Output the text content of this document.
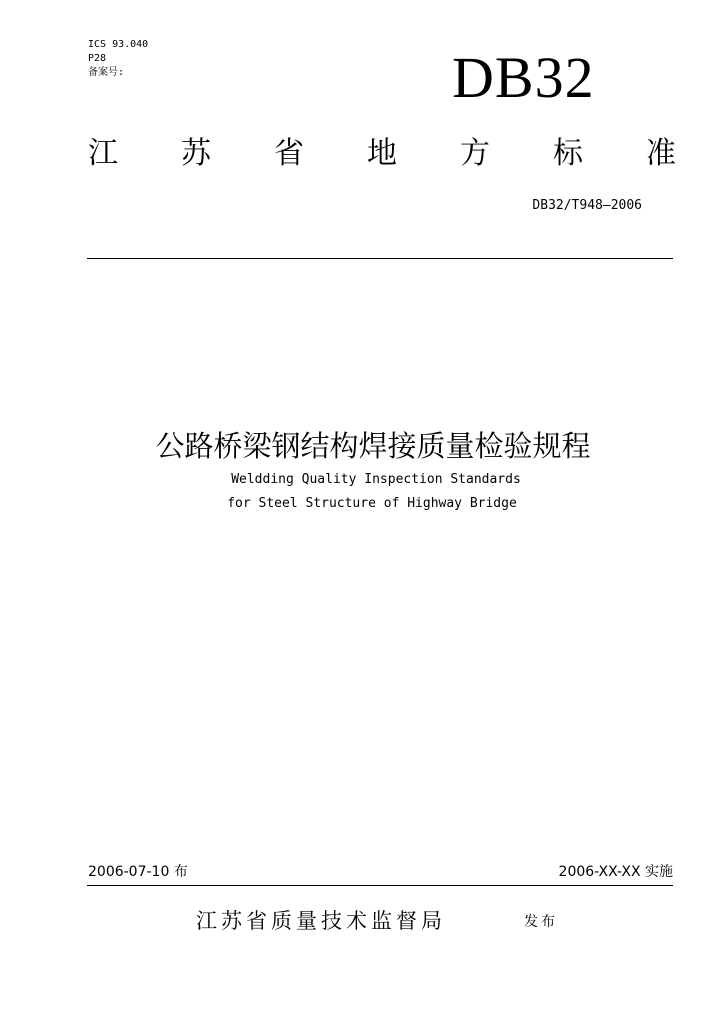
ICS 93.040
P28
备案号:	DB32
江 苏 省 地 方 标 准
DB32/T948—2006
公路桥梁钢结构焊接质量检验规程
Weldding Quality Inspection Standards
for Steel Structure of Highway Bridge
2006-07-10 布	2006-XX-XX 实施
江苏省质量技术监督局	发布
